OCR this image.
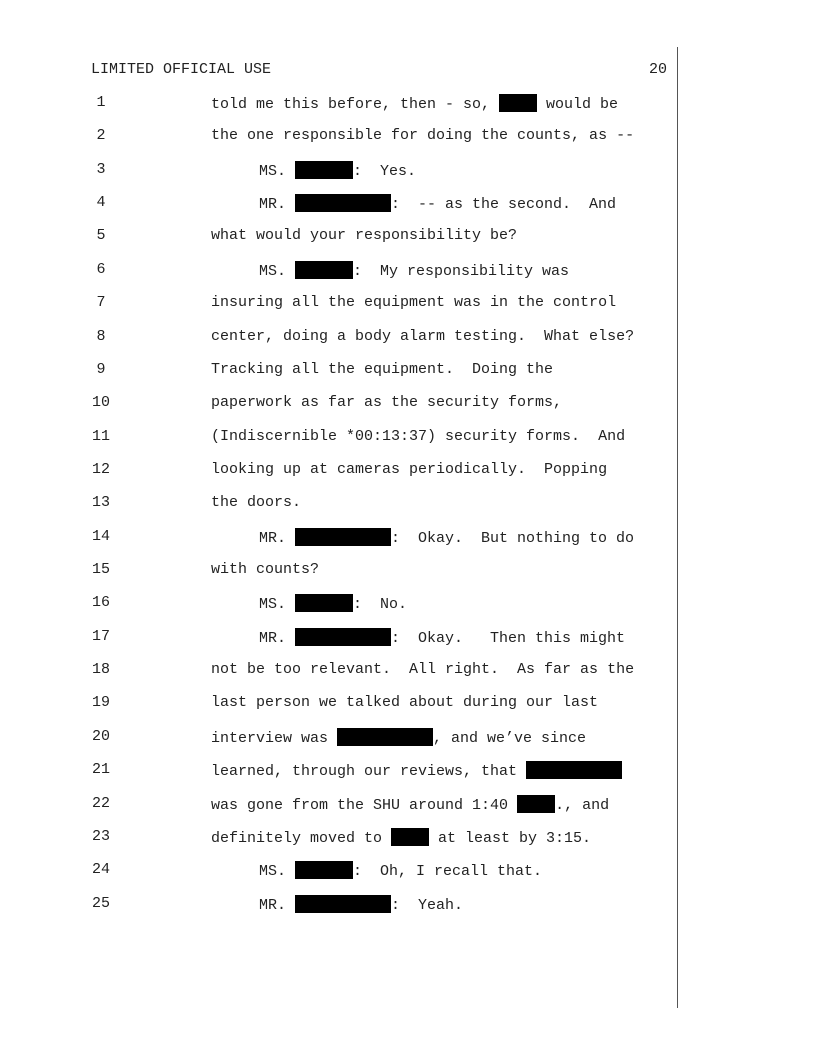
LIMITED OFFICIAL USE	20
1	told me this before, then - so,	would be
2	the one responsible for doing the counts, as --
3	MS.	:  Yes.
4	MR.	:  -- as the second.  And
5	what would your responsibility be?
6	MS.	:  My responsibility was
7	insuring all the equipment was in the control
8	center, doing a body alarm testing.  What else?
9	Tracking all the equipment.  Doing the
10	paperwork as far as the security forms,
11	(Indiscernible *00:13:37) security forms.  And
12	looking up at cameras periodically.  Popping
13	the doors.
14	MR.	:  Okay.  But nothing to do
15	with counts?
16	MS.	:  No.
17	MR.	:  Okay.   Then this might
18	not be too relevant.  All right.  As far as the
19	last person we talked about during our last
20	interview was	, and we’ve since
21	learned, through our reviews, that
22	was gone from the SHU around 1:40	., and
23	definitely moved to	at least by 3:15.
24	MS.	:  Oh, I recall that.
25	MR.	:  Yeah.
